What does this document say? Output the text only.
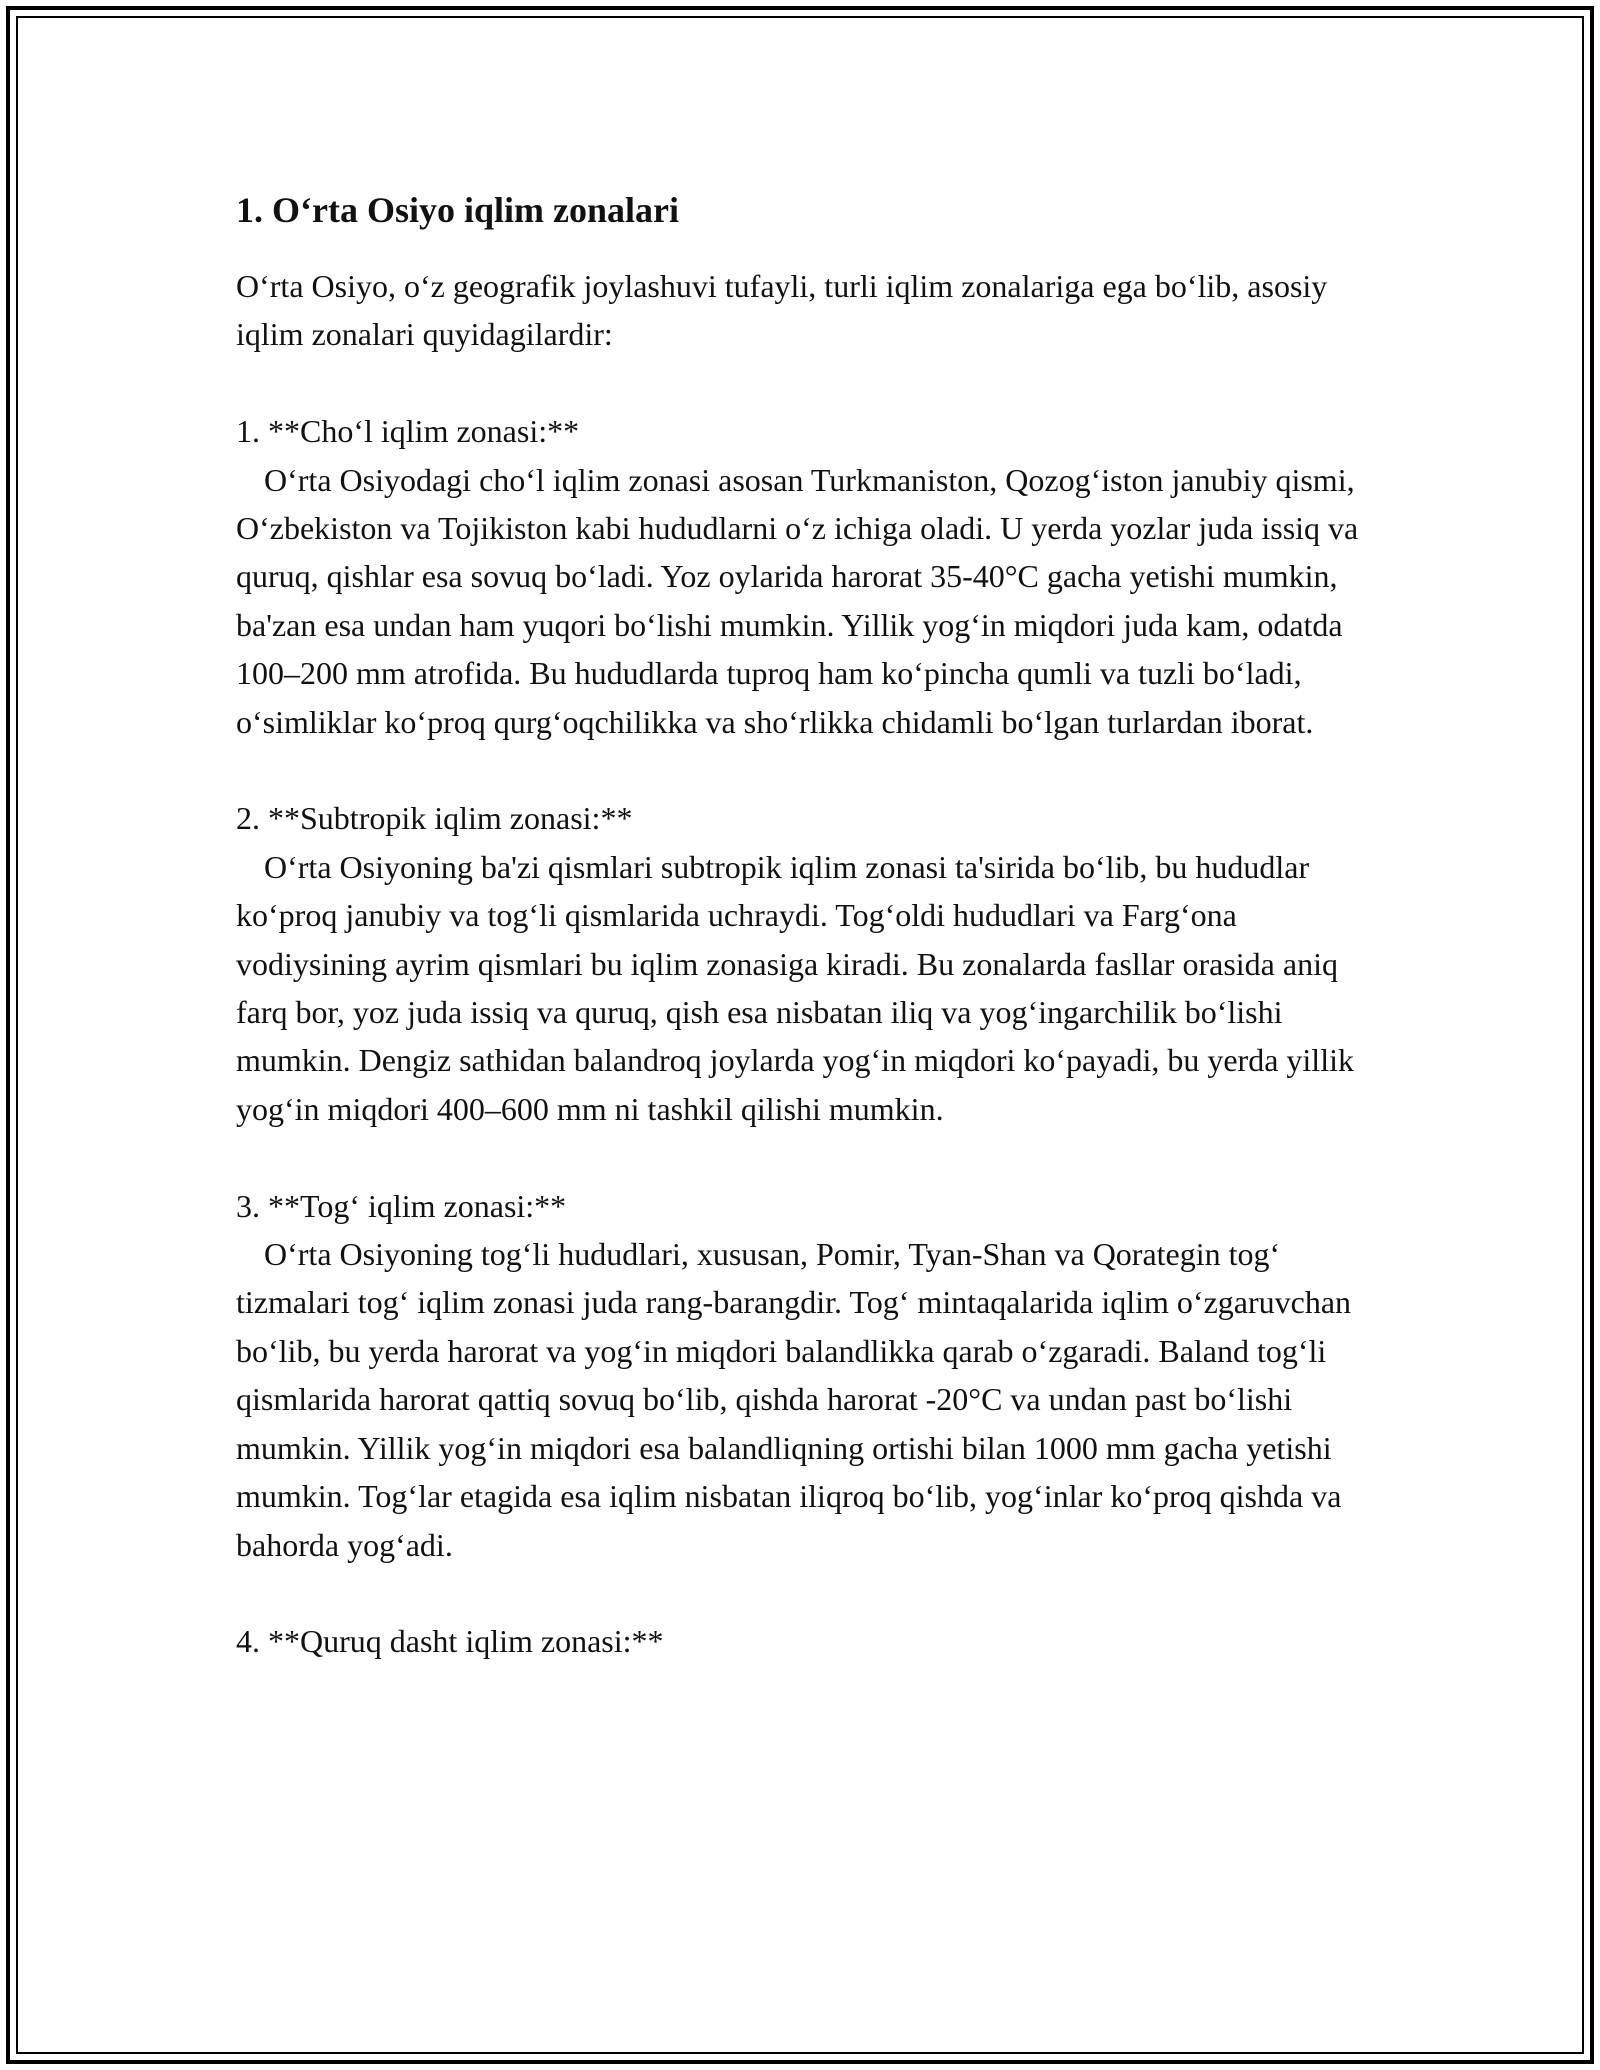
1. O‘rta Osiyo iqlim zonalari

O‘rta Osiyo, o‘z geografik joylashuvi tufayli, turli iqlim zonalariga ega bo‘lib, asosiy iqlim zonalari quyidagilardir:

1. **Cho‘l iqlim zonasi:**

O‘rta Osiyodagi cho‘l iqlim zonasi asosan Turkmaniston, Qozog‘iston janubiy qismi, O‘zbekiston va Tojikiston kabi hududlarni o‘z ichiga oladi. U yerda yozlar juda issiq va quruq, qishlar esa sovuq bo‘ladi. Yoz oylarida harorat 35-40°C gacha yetishi mumkin, ba'zan esa undan ham yuqori bo‘lishi mumkin. Yillik yog‘in miqdori juda kam, odatda 100–200 mm atrofida. Bu hududlarda tuproq ham ko‘pincha qumli va tuzli bo‘ladi, o‘simliklar ko‘proq qurg‘oqchilikka va sho‘rlikka chidamli bo‘lgan turlardan iborat.

2. **Subtropik iqlim zonasi:**

O‘rta Osiyoning ba'zi qismlari subtropik iqlim zonasi ta'sirida bo‘lib, bu hududlar ko‘proq janubiy va tog‘li qismlarida uchraydi. Tog‘oldi hududlari va Farg‘ona vodiysining ayrim qismlari bu iqlim zonasiga kiradi. Bu zonalarda fasllar orasida aniq farq bor, yoz juda issiq va quruq, qish esa nisbatan iliq va yog‘ingarchilik bo‘lishi mumkin. Dengiz sathidan balandroq joylarda yog‘in miqdori ko‘payadi, bu yerda yillik yog‘in miqdori 400–600 mm ni tashkil qilishi mumkin.

3. **Tog‘ iqlim zonasi:**

O‘rta Osiyoning tog‘li hududlari, xususan, Pomir, Tyan-Shan va Qorategin tog‘ tizmalari tog‘ iqlim zonasi juda rang-barangdir. Tog‘ mintaqalarida iqlim o‘zgaruvchan bo‘lib, bu yerda harorat va yog‘in miqdori balandlikka qarab o‘zgaradi. Baland tog‘li qismlarida harorat qattiq sovuq bo‘lib, qishda harorat -20°C va undan past bo‘lishi mumkin. Yillik yog‘in miqdori esa balandliqning ortishi bilan 1000 mm gacha yetishi mumkin. Tog‘lar etagida esa iqlim nisbatan iliqroq bo‘lib, yog‘inlar ko‘proq qishda va bahorda yog‘adi.

4. **Quruq dasht iqlim zonasi:**
